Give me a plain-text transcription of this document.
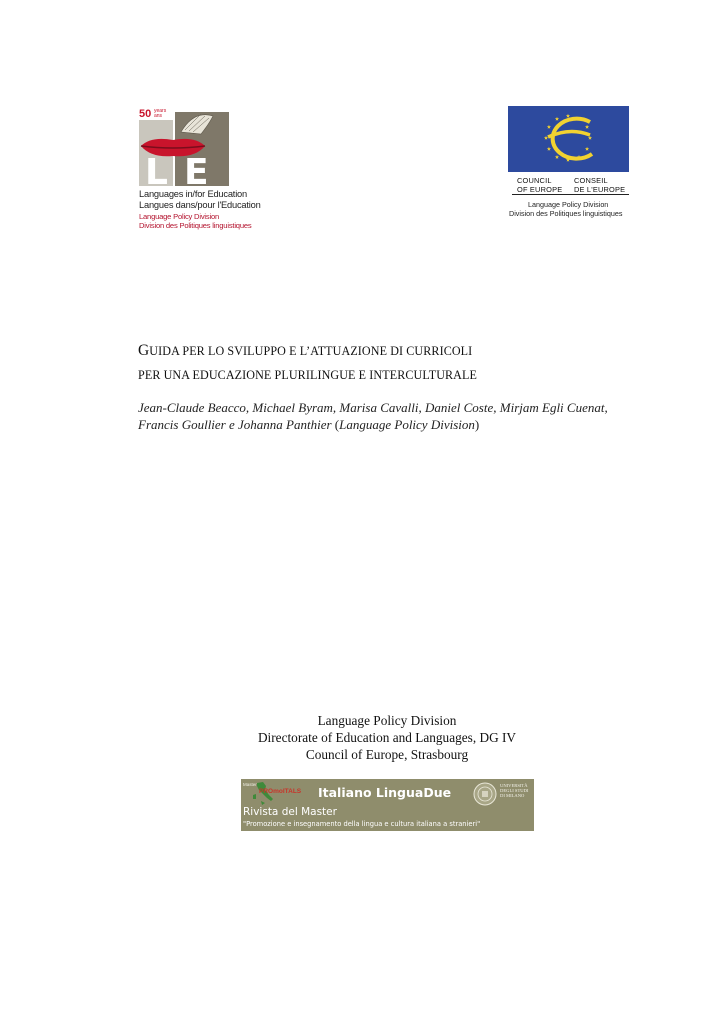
50 years
ans
LE
Languages in/for Education
Langues dans/pour l'Education
Language Policy Division
Division des Politiques linguistiques
COUNCIL
OF EUROPE
CONSEIL
DE L'EUROPE
Language Policy Division
Division des Politiques linguistiques
GUIDA PER LO SVILUPPO E L’ATTUAZIONE DI CURRICOLI
PER UNA EDUCAZIONE PLURILINGUE E INTERCULTURALE
Jean-Claude Beacco, Michael Byram, Marisa Cavalli, Daniel Coste, Mirjam Egli Cuenat,
Francis Goullier e Johanna Panthier (Language Policy Division)
Language Policy Division
Directorate of Education and Languages, DG IV
Council of Europe, Strasbourg
Master
PROmoITALS Italiano LinguaDue	UNIVERSITÀ
DEGLI STUDI
DI MILANO
Rivista del Master
"Promozione e insegnamento della lingua e cultura italiana a stranieri"
